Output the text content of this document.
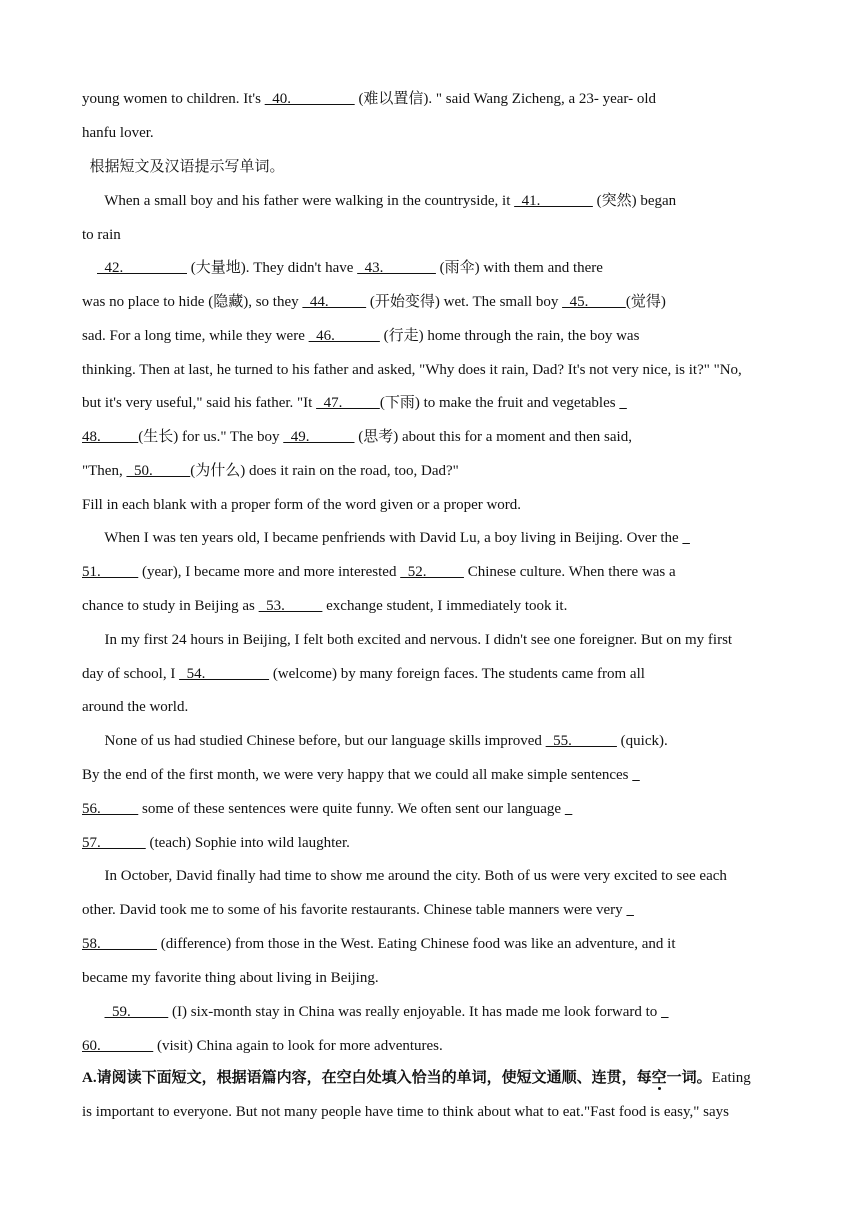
young women to children. It's   40.                  (难以置信). " said Wang Zicheng, a 23- year- old
hanfu lover.
根据短文及汉语提示写单词。
When a small boy and his father were walking in the countryside, it   41.               (突然) began
to rain
42.                  (大量地). They didn't have   43.               (雨伞) with them and there
was no place to hide (隐藏), so they   44.           (开始变得) wet. The small boy   45.          (觉得)
sad. For a long time, while they were   46.             (行走) home through the rain, the boy was
thinking. Then at last, he turned to his father and asked, "Why does it rain, Dad? It's not very nice, is it?" "No,
but it's very useful," said his father. "It   47.          (下雨) to make the fruit and vegetables
48.          (生长) for us." The boy   49.             (思考) about this for a moment and then said,
"Then,   50.          (为什么) does it rain on the road, too, Dad?"
Fill in each blank with a proper form of the word given or a proper word.
When I was ten years old, I became penfriends with David Lu, a boy living in Beijing. Over the
51.           (year), I became more and more interested   52.           Chinese culture. When there was a
chance to study in Beijing as   53.           exchange student, I immediately took it.
In my first 24 hours in Beijing, I felt both excited and nervous. I didn't see one foreigner. But on my first
day of school, I   54.                  (welcome) by many foreign faces. The students came from all
around the world.
None of us had studied Chinese before, but our language skills improved   55.             (quick).
By the end of the first month, we were very happy that we could all make simple sentences
56.           some of these sentences were quite funny. We often sent our language
57.             (teach) Sophie into wild laughter.
In October, David finally had time to show me around the city. Both of us were very excited to see each
other. David took me to some of his favorite restaurants. Chinese table manners were very
58.                (difference) from those in the West. Eating Chinese food was like an adventure, and it
became my favorite thing about living in Beijing.
59.           (I) six-month stay in China was really enjoyable. It has made me look forward to
60.               (visit) China again to look for more adventures.
A.请阅读下面短文，根据语篇内容，在空白处填入恰当的单词，使短文通顺、连贯，每空一词。Eating
is important to everyone. But not many people have time to think about what to eat."Fast food is easy," says
